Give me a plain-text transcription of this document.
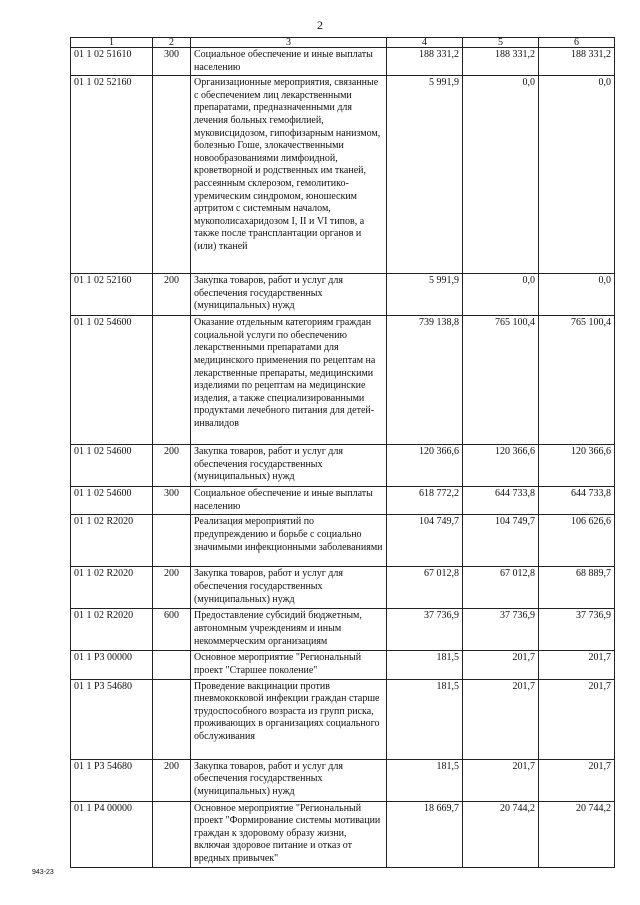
2
1	2	3	4	5	6
01 1 02 51610	300	Социальное обеспечение и иные выплаты населению	188 331,2	188 331,2	188 331,2
01 1 02 52160		Организационные мероприятия, связанные с обеспечением лиц лекарственными препаратами, предназначенными для лечения больных гемофилией, муковисцидозом, гипофизарным нанизмом, болезнью Гоше, злокачественными новообразованиями лимфоидной, кроветворной и родственных им тканей, рассеянным склерозом, гемолитико-уремическим синдромом, юношеским артритом с системным началом, мукополисахаридозом I, II и VI типов, а также после трансплантации органов и (или) тканей	5 991,9	0,0	0,0
01 1 02 52160	200	Закупка товаров, работ и услуг для обеспечения государственных (муниципальных) нужд	5 991,9	0,0	0,0
01 1 02 54600		Оказание отдельным категориям граждан социальной услуги по обеспечению лекарственными препаратами для медицинского применения по рецептам на лекарственные препараты, медицинскими изделиями по рецептам на медицинские изделия, а также специализированными продуктами лечебного питания для детей-инвалидов	739 138,8	765 100,4	765 100,4
01 1 02 54600	200	Закупка товаров, работ и услуг для обеспечения государственных (муниципальных) нужд	120 366,6	120 366,6	120 366,6
01 1 02 54600	300	Социальное обеспечение и иные выплаты населению	618 772,2	644 733,8	644 733,8
01 1 02 R2020		Реализация мероприятий по предупреждению и борьбе с социально значимыми инфекционными заболеваниями	104 749,7	104 749,7	106 626,6
01 1 02 R2020	200	Закупка товаров, работ и услуг для обеспечения государственных (муниципальных) нужд	67 012,8	67 012,8	68 889,7
01 1 02 R2020	600	Предоставление субсидий бюджетным, автономным учреждениям и иным некоммерческим организациям	37 736,9	37 736,9	37 736,9
01 1 P3 00000		Основное мероприятие "Региональный проект "Старшее поколение"	181,5	201,7	201,7
01 1 P3 54680		Проведение вакцинации против пневмококковой инфекции граждан старше трудоспособного возраста из групп риска, проживающих в организациях социального обслуживания	181,5	201,7	201,7
01 1 P3 54680	200	Закупка товаров, работ и услуг для обеспечения государственных (муниципальных) нужд	181,5	201,7	201,7
01 1 P4 00000		Основное мероприятие "Региональный проект "Формирование системы мотивации граждан к здоровому образу жизни, включая здоровое питание и отказ от вредных привычек"	18 669,7	20 744,2	20 744,2
943-23
